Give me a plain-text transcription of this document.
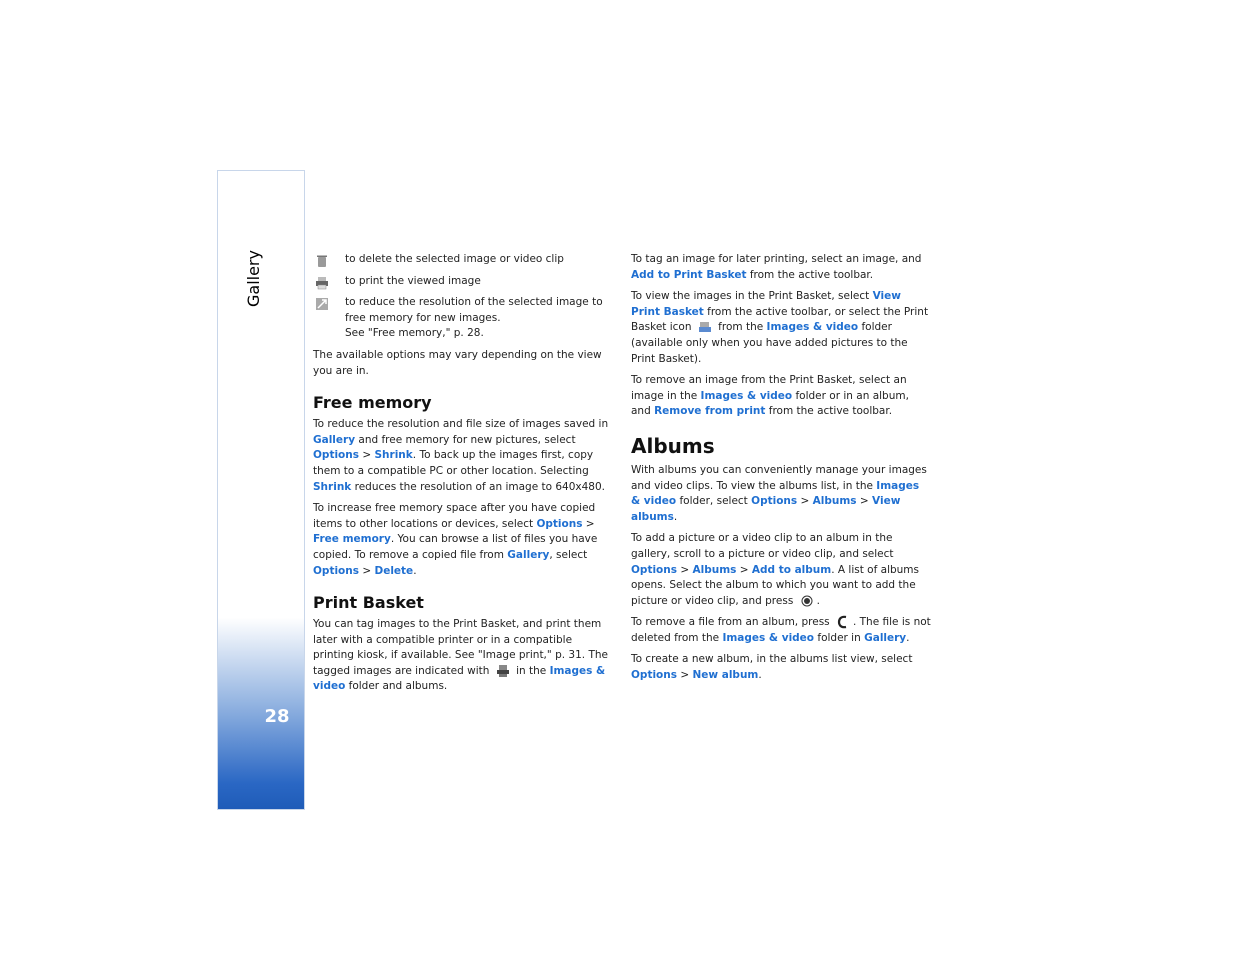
Gallery
28
to delete the selected image or video clip
to print the viewed image
to reduce the resolution of the selected image to free memory for new images.
See "Free memory," p. 28.

The available options may vary depending on the view you are in.

Free memory

To reduce the resolution and file size of images saved in Gallery and free memory for new pictures, select Options > Shrink. To back up the images first, copy them to a compatible PC or other location. Selecting Shrink reduces the resolution of an image to 640x480.

To increase free memory space after you have copied items to other locations or devices, select Options > Free memory. You can browse a list of files you have copied. To remove a copied file from Gallery, select Options > Delete.

Print Basket

You can tag images to the Print Basket, and print them later with a compatible printer or in a compatible printing kiosk, if available. See "Image print," p. 31. The tagged images are indicated with  in the Images & video folder and albums.

To tag an image for later printing, select an image, and Add to Print Basket from the active toolbar.

To view the images in the Print Basket, select View Print Basket from the active toolbar, or select the Print Basket icon  from the Images & video folder (available only when you have added pictures to the Print Basket).

To remove an image from the Print Basket, select an image in the Images & video folder or in an album, and Remove from print from the active toolbar.

Albums

With albums you can conveniently manage your images and video clips. To view the albums list, in the Images & video folder, select Options > Albums > View albums.

To add a picture or a video clip to an album in the gallery, scroll to a picture or video clip, and select Options > Albums > Add to album. A list of albums opens. Select the album to which you want to add the picture or video clip, and press .

To remove a file from an album, press . The file is not deleted from the Images & video folder in Gallery.

To create a new album, in the albums list view, select Options > New album.
